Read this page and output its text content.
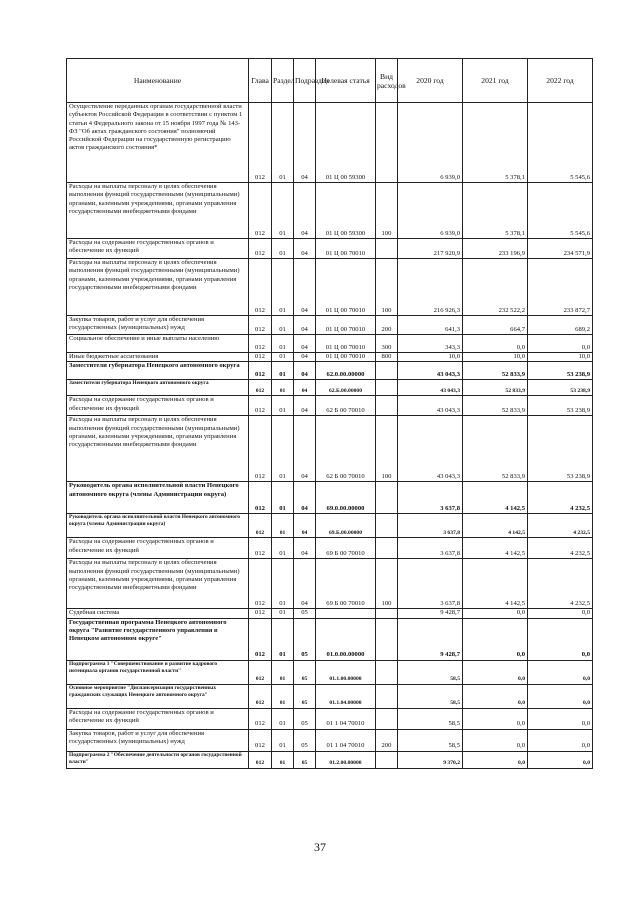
Наименование	Глава	Раздел	Подраздел	Целевая статья	Вид расходов	2020 год	2021 год	2022 год
Осуществление переданных органам государственной власти субъектов Российской Федерации в соответствии с пунктом 1 статьи 4 Федерального закона от 15 ноября 1997 года № 143-ФЗ "Об актах гражданского состояния" полномочий Российской Федерации на государственную регистрацию актов гражданского состояния*	012	01	04	01 Ц 00 59300		6 939,0	5 378,1	5 545,6
Расходы на выплаты персоналу в целях обеспечения выполнения функций государственными (муниципальными) органами, казенными учреждениями, органами управления государственными внебюджетными фондами	012	01	04	01 Ц 00 59300	100	6 939,0	5 378,1	5 545,6
Расходы на содержание государственных органов и обеспечение их функций	012	01	04	01 Ц 00 70010		217 920,9	233 196,9	234 571,9
Расходы на выплаты персоналу в целях обеспечения выполнения функций государственными (муниципальными) органами, казенными учреждениями, органами управления государственными внебюджетными фондами	012	01	04	01 Ц 00 70010	100	216 926,3	232 522,2	233 872,7
Закупка товаров, работ и услуг для обеспечения государственных (муниципальных) нужд	012	01	04	01 Ц 00 70010	200	641,3	664,7	689,2
Социальное обеспечение и иные выплаты населению	012	01	04	01 Ц 00 70010	300	343,3	0,0	0,0
Иные бюджетные ассигнования	012	01	04	01 Ц 00 70010	800	10,0	10,0	10,0
Заместители губернатора Ненецкого автономного округа	012	01	04	62.0.00.00000		43 043,3	52 833,9	53 238,9
Заместители губернатора Ненецкого автономного округа	012	01	04	62.Б.00.00000		43 043,3	52 833,9	53 238,9
Расходы на содержание государственных органов и обеспечение их функций	012	01	04	62 Б 00 70010		43 043,3	52 833,9	53 238,9
Расходы на выплаты персоналу в целях обеспечения выполнения функций государственными (муниципальными) органами, казенными учреждениями, органами управления государственными внебюджетными фондами	012	01	04	62 Б 00 70010	100	43 043,3	52 833,9	53 238,9
Руководитель органа исполнительной власти Ненецкого автономного округа (члены Администрации округа)	012	01	04	69.0.00.00000		3 637,8	4 142,5	4 232,5
Руководитель органа исполнительной власти Ненецкого автономного округа (члены Администрации округа)	012	01	04	69.Б.00.00000		3 637,8	4 142,5	4 232,5
Расходы на содержание государственных органов и обеспечение их функций	012	01	04	69 Б 00 70010		3 637,8	4 142,5	4 232,5
Расходы на выплаты персоналу в целях обеспечения выполнения функций государственными (муниципальными) органами, казенными учреждениями, органами управления государственными внебюджетными фондами	012	01	04	69 Б 00 70010	100	3 637,8	4 142,5	4 232,5
Судебная система	012	01	05			9 428,7	0,0	0,0
Государственная программа Ненецкого автономного округа "Развитие государственного управления в Ненецком автономном округе"	012	01	05	01.0.00.00000		9 428,7	0,0	0,0
Подпрограмма 1 "Совершенствование и развитие кадрового потенциала органов государственной власти"	012	01	05	01.1.00.00000		58,5	0,0	0,0
Основное мероприятие "Диспансеризация государственных гражданских служащих Ненецкого автономного округа"	012	01	05	01.1.04.00000		58,5	0,0	0,0
Расходы на содержание государственных органов и обеспечение их функций	012	01	05	01 1 04 70010		58,5	0,0	0,0
Закупка товаров, работ и услуг для обеспечения государственных (муниципальных) нужд	012	01	05	01 1 04 70010	200	58,5	0,0	0,0
Подпрограмма 2 "Обеспечение деятельности органов государственной власти"	012	01	05	01.2.00.00000		9 370,2	0,0	0,0
37
